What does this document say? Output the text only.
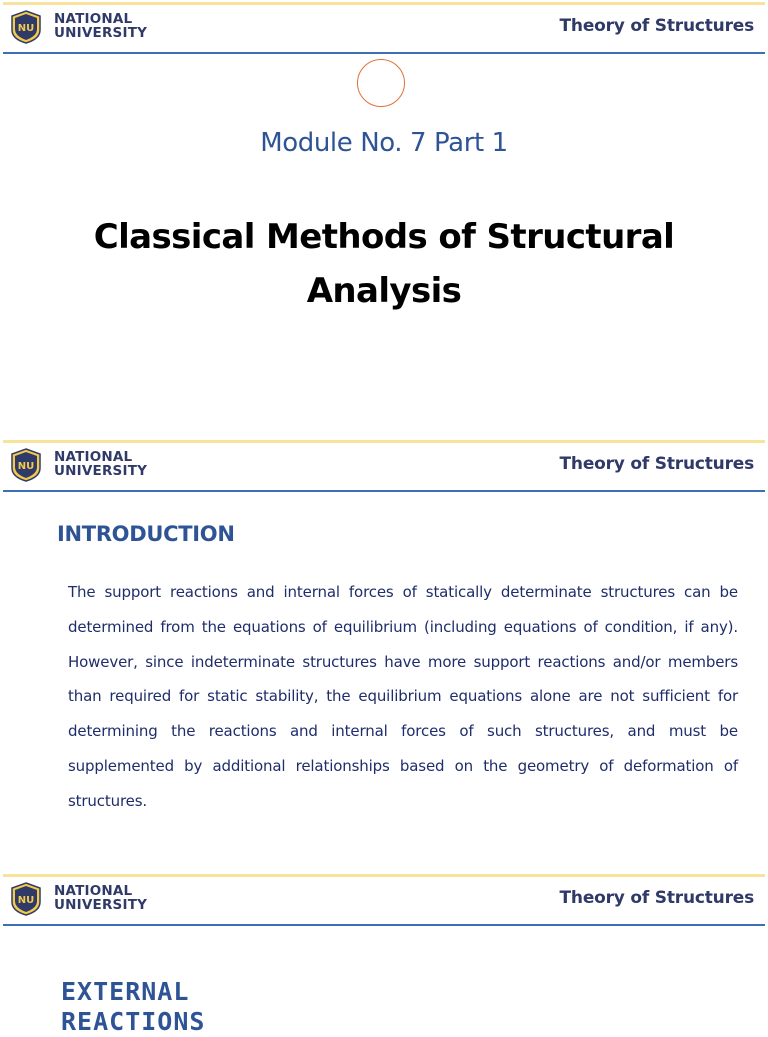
NU
NATIONAL
UNIVERSITY	Theory of Structures
Module No. 7 Part 1
Classical Methods of Structural Analysis
NU
NATIONAL
UNIVERSITY	Theory of Structures
INTRODUCTION

The support reactions and internal forces of statically determinate structures can be determined from the equations of equilibrium (including equations of condition, if any). However, since indeterminate structures have more support reactions and/or members than required for static stability, the equilibrium equations alone are not sufficient for determining the reactions and internal forces of such structures, and must be supplemented by additional relationships based on the geometry of deformation of structures.

NU
NATIONAL
UNIVERSITY	Theory of Structures
EXTERNAL REACTIONS
